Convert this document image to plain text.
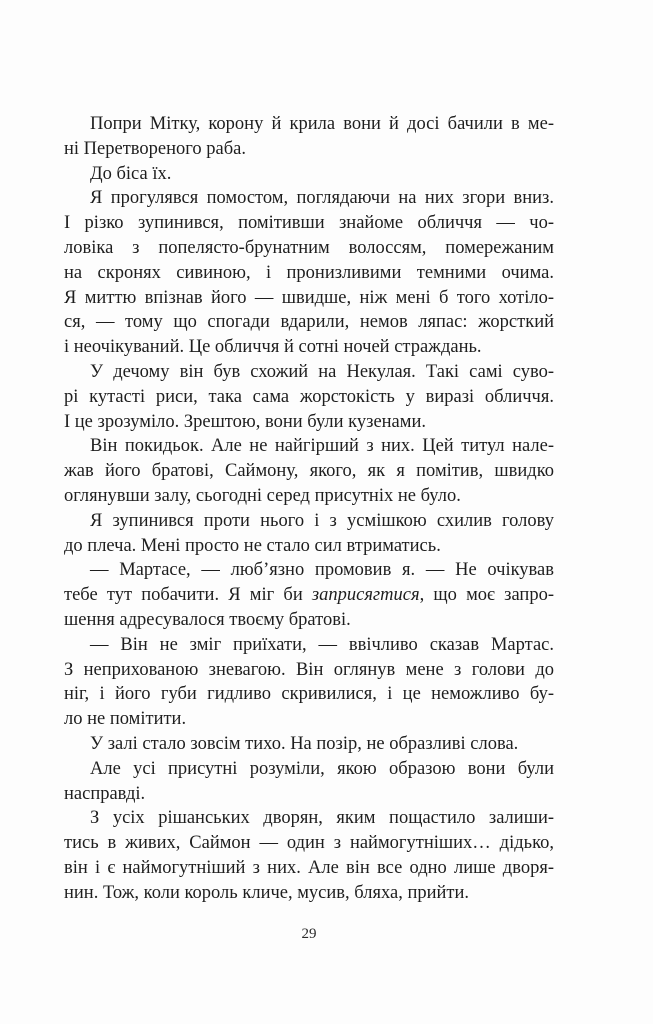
Попри Мітку, корону й крила вони й досі бачили в ме-
ні Перетвореного раба.
До біса їх.
Я прогулявся помостом, поглядаючи на них згори вниз.
І різко зупинився, помітивши знайоме обличчя — чо-
ловіка з попелясто-брунатним волоссям, помережаним
на скронях сивиною, і пронизливими темними очима.
Я миттю впізнав його — швидше, ніж мені б того хотіло-
ся, — тому що спогади вдарили, немов ляпас: жорсткий
і неочікуваний. Це обличчя й сотні ночей страждань.
У дечому він був схожий на Некулая. Такі самі суво-
рі кутасті риси, така сама жорстокість у виразі обличчя.
І це зрозуміло. Зрештою, вони були кузенами.
Він покидьок. Але не найгірший з них. Цей титул нале-
жав його братові, Саймону, якого, як я помітив, швидко
оглянувши залу, сьогодні серед присутніх не було.
Я зупинився проти нього і з усмішкою схилив голову
до плеча. Мені просто не стало сил втриматись.
— Мартасе, — люб’язно промовив я. — Не очікував
тебе тут побачити. Я міг би заприсягтися, що моє запро-
шення адресувалося твоєму братові.
— Він не зміг приїхати, — ввічливо сказав Мартас.
З неприхованою зневагою. Він оглянув мене з голови до
ніг, і його губи гидливо скривилися, і це неможливо бу-
ло не помітити.
У залі стало зовсім тихо. На позір, не образливі слова.
Але усі присутні розуміли, якою образою вони були
насправді.
З усіх рішанських дворян, яким пощастило залиши-
тись в живих, Саймон — один з наймогутніших… дідько,
він і є наймогутніший з них. Але він все одно лише дворя-
нин. Тож, коли король кличе, мусив, бляха, прийти.
29
